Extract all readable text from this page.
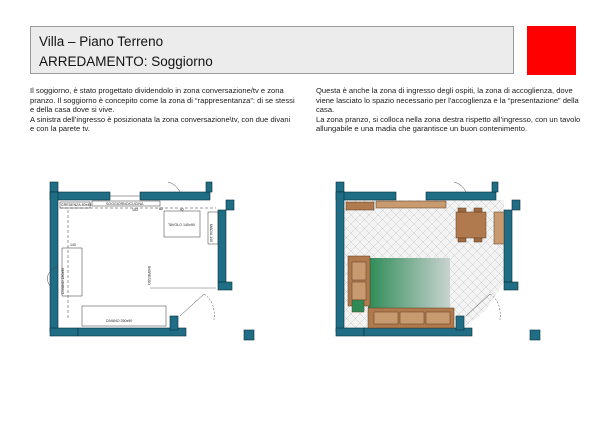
Villa – Piano Terreno
ARREDAMENTO: Soggiorno

Il soggiorno, è stato progettato dividendolo in zona conversazione/tv e zona pranzo. Il soggiorno è concepito come la zona di “rappresentanza”: di se stessi e della casa dove si vive.

A sinistra dell’ingresso è posizionata la zona conversazione\tv, con due divani e con la parete tv.

Questa è anche la zona di ingresso degli ospiti, la zona di accoglienza, dove viene lasciato lo spazio necessario per l'accoglienza e la “presentazione” della casa.

La zona pranzo, si colloca nella zona destra rispetto all’ingresso, con un tavolo allungabile e una madia che garantisce un buon contenimento.

CREDENZA 80x45	SOGGIORNO/CUCINA
TAVOLO 140x90	MADIA 140
DIVANO 180x90
DIVANO 250x90
INGRESSO
153	92
62
140
